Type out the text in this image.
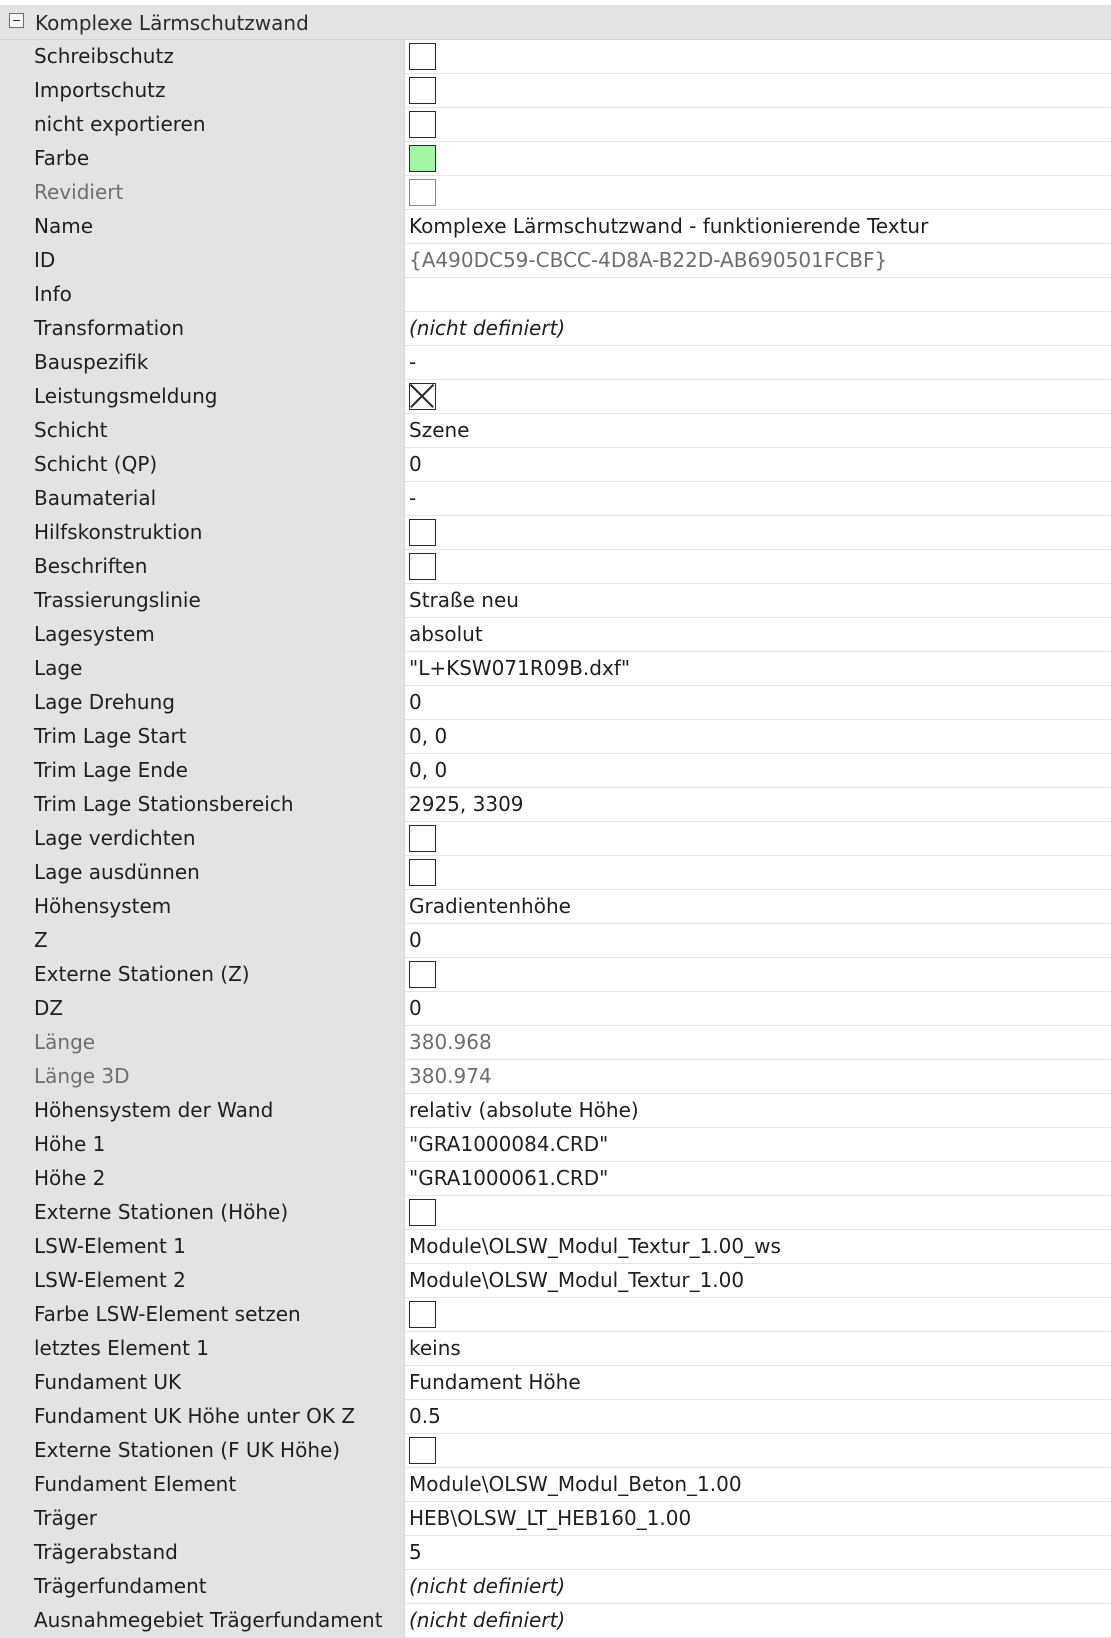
Komplexe Lärmschutzwand
Schreibschutz
Importschutz
nicht exportieren
Farbe
Revidiert
Name	Komplexe Lärmschutzwand - funktionierende Textur
ID	{A490DC59-CBCC-4D8A-B22D-AB690501FCBF}
Info
Transformation	(nicht definiert)
Bauspezifik	-
Leistungsmeldung
Schicht	Szene
Schicht (QP)	0
Baumaterial	-
Hilfskonstruktion
Beschriften
Trassierungslinie	Straße neu
Lagesystem	absolut
Lage	"L+KSW071R09B.dxf"
Lage Drehung	0
Trim Lage Start	0, 0
Trim Lage Ende	0, 0
Trim Lage Stationsbereich	2925, 3309
Lage verdichten
Lage ausdünnen
Höhensystem	Gradientenhöhe
Z	0
Externe Stationen (Z)
DZ	0
Länge	380.968
Länge 3D	380.974
Höhensystem der Wand	relativ (absolute Höhe)
Höhe 1	"GRA1000084.CRD"
Höhe 2	"GRA1000061.CRD"
Externe Stationen (Höhe)
LSW-Element 1	Module\OLSW_Modul_Textur_1.00_ws
LSW-Element 2	Module\OLSW_Modul_Textur_1.00
Farbe LSW-Element setzen
letztes Element 1	keins
Fundament UK	Fundament Höhe
Fundament UK Höhe unter OK Z	0.5
Externe Stationen (F UK Höhe)
Fundament Element	Module\OLSW_Modul_Beton_1.00
Träger	HEB\OLSW_LT_HEB160_1.00
Trägerabstand	5
Trägerfundament	(nicht definiert)
Ausnahmegebiet Trägerfundament	(nicht definiert)
